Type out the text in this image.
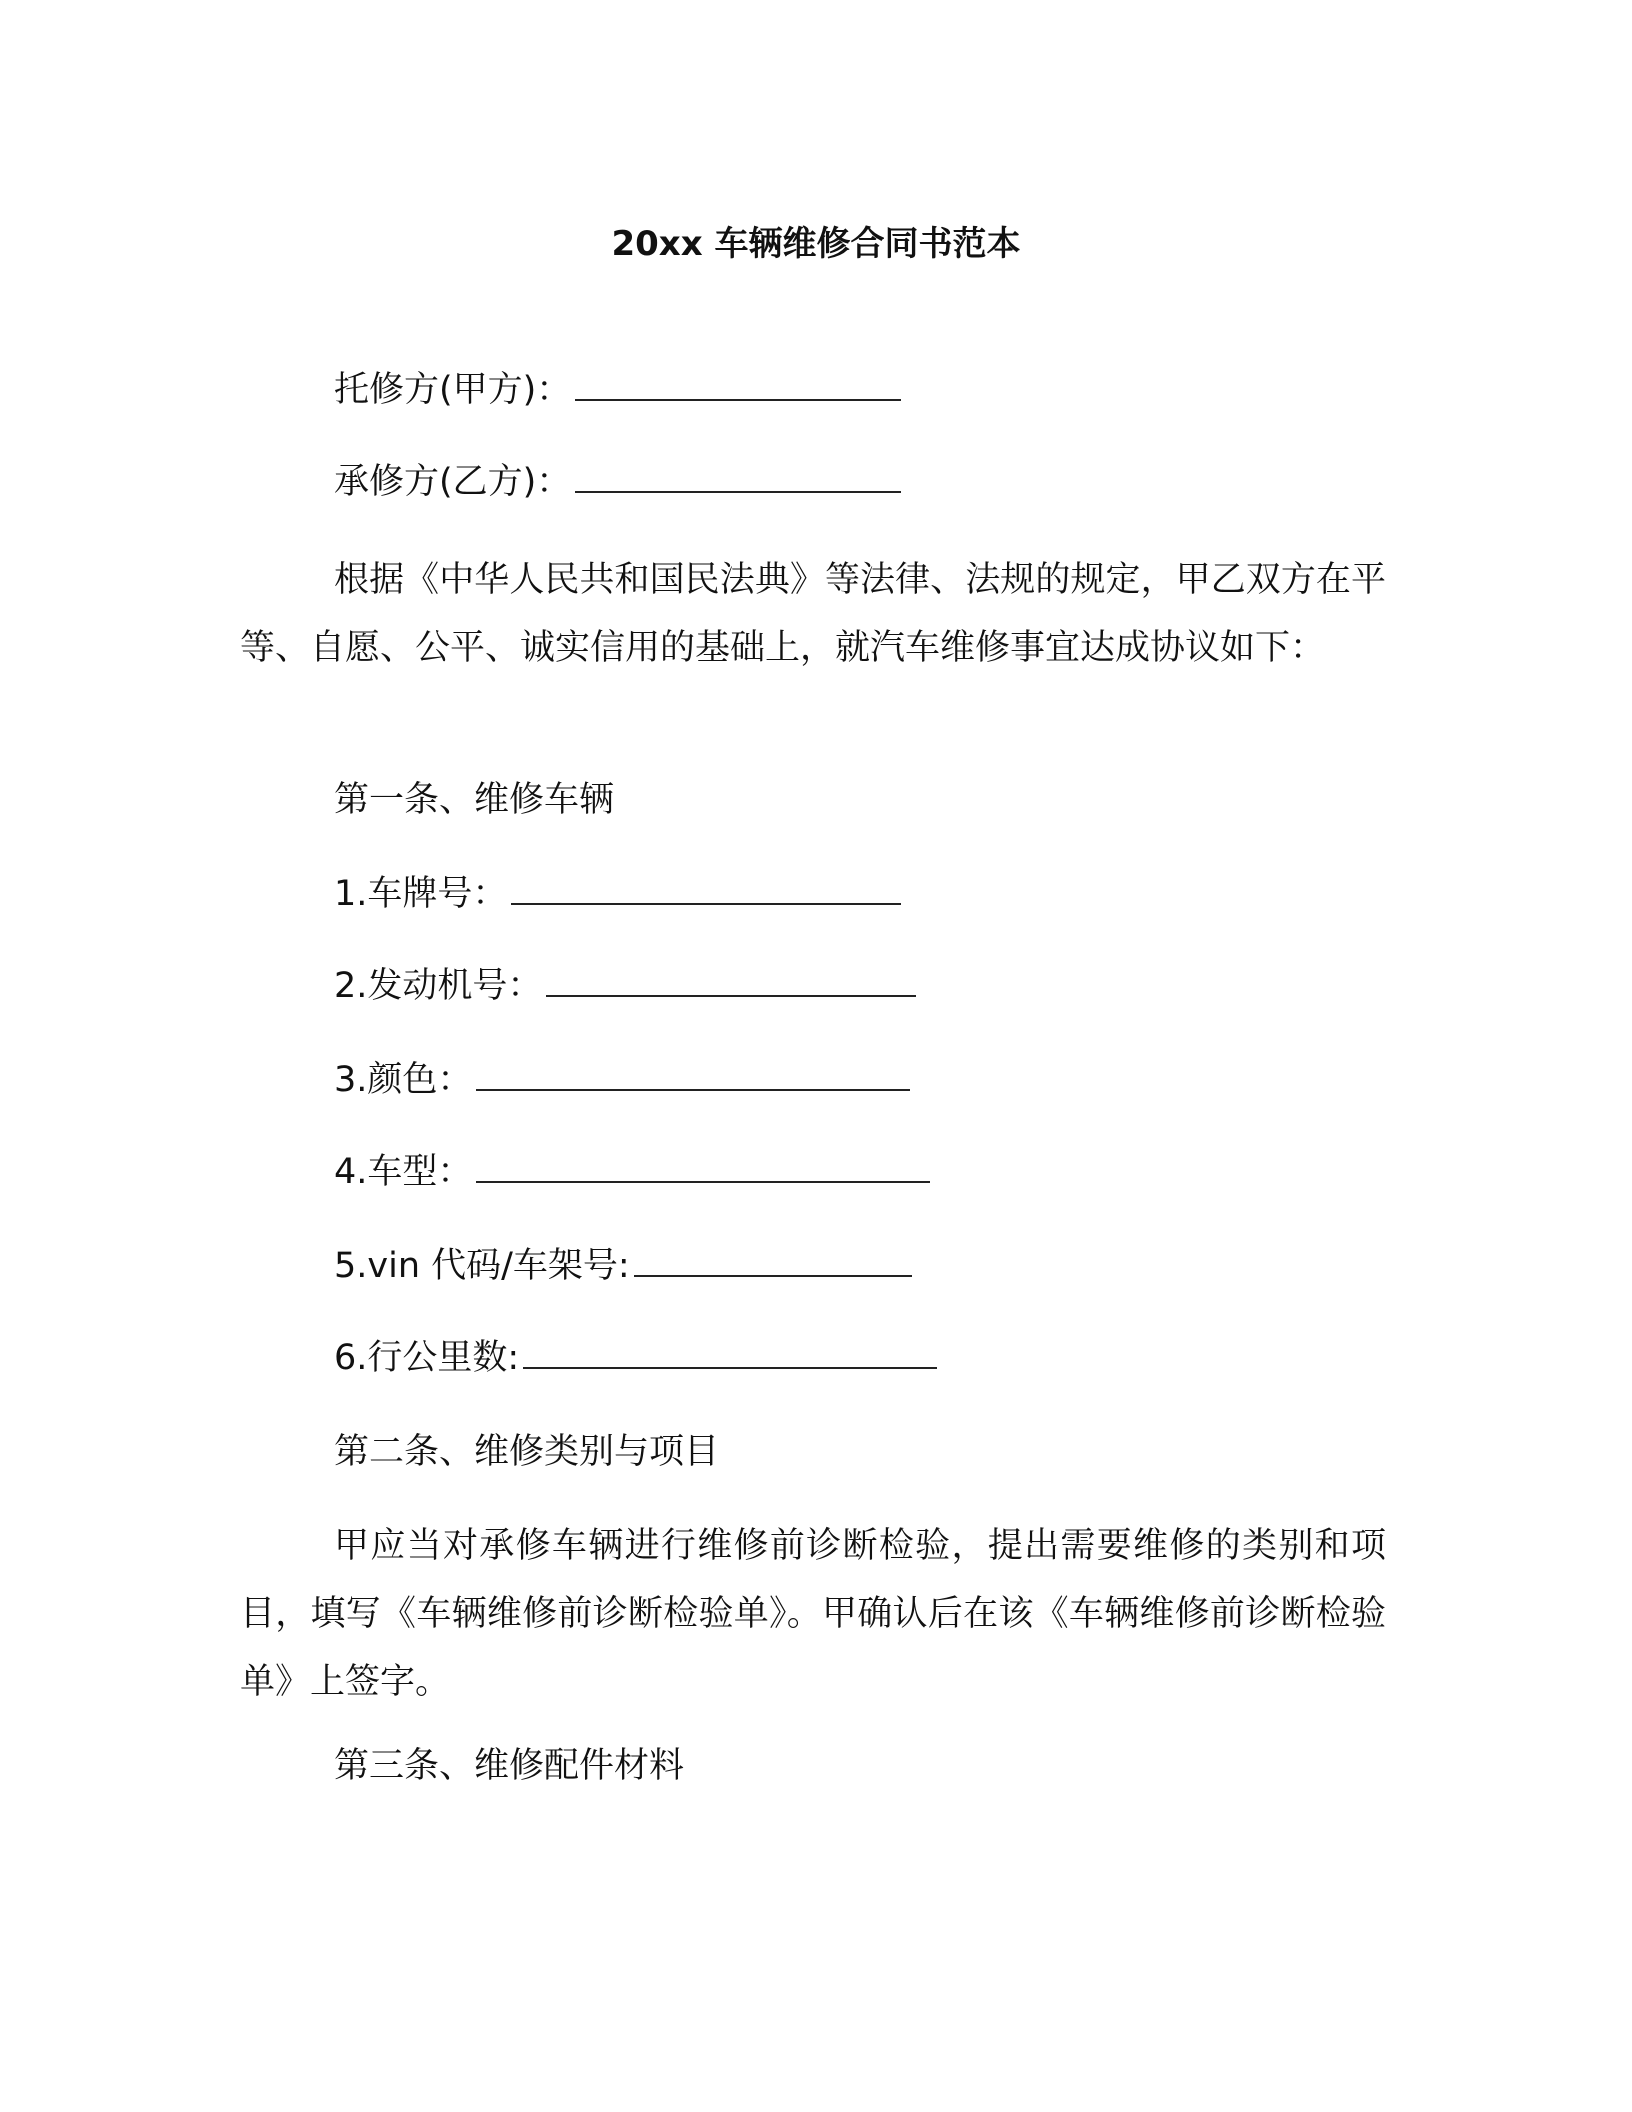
20xx 车辆维修合同书范本
托修方(甲方)：
承修方(乙方)：
根据《中华人民共和国民法典》等法律、法规的规定，甲乙双方在平等、自愿、公平、诚实信用的基础上，就汽车维修事宜达成协议如下：
第一条、维修车辆
1.车牌号：
2.发动机号：
3.颜色：
4.车型：
5.vin 代码/车架号:
6.行公里数:
第二条、维修类别与项目
甲应当对承修车辆进行维修前诊断检验，提出需要维修的类别和项目，填写《车辆维修前诊断检验单》。甲确认后在该《车辆维修前诊断检验单》上签字。
第三条、维修配件材料
